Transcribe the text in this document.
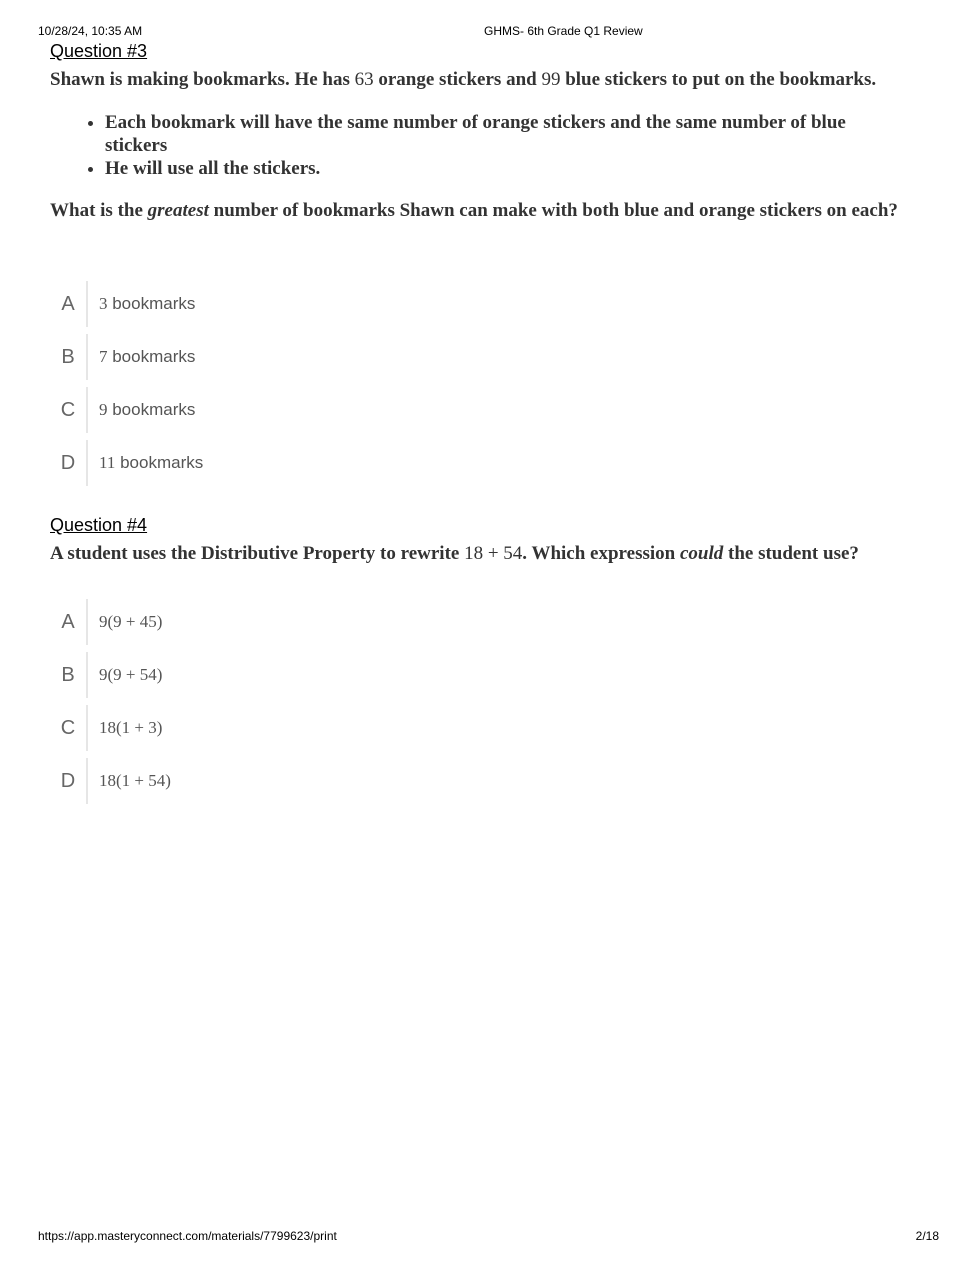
10/28/24, 10:35 AM	GHMS- 6th Grade Q1 Review

Question #3

Shawn is making bookmarks. He has 63 orange stickers and 99 blue stickers to put on the bookmarks.

• Each bookmark will have the same number of orange stickers and the same number of blue stickers
• He will use all the stickers.

What is the greatest number of bookmarks Shawn can make with both blue and orange stickers on each?

A	3 bookmarks
B	7 bookmarks
C	9 bookmarks
D	11 bookmarks

Question #4

A student uses the Distributive Property to rewrite 18 + 54. Which expression could the student use?

A	9(9 + 45)
B	9(9 + 54)
C	18(1 + 3)
D	18(1 + 54)
https://app.masteryconnect.com/materials/7799623/print	2/18
